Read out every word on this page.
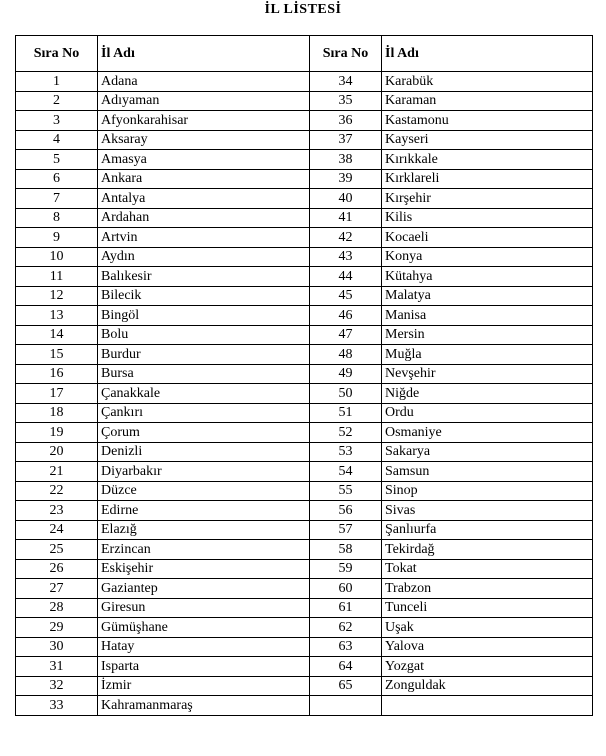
İL LİSTESİ
Sıra No	İl Adı	Sıra No	İl Adı
1	Adana	34	Karabük
2	Adıyaman	35	Karaman
3	Afyonkarahisar	36	Kastamonu
4	Aksaray	37	Kayseri
5	Amasya	38	Kırıkkale
6	Ankara	39	Kırklareli
7	Antalya	40	Kırşehir
8	Ardahan	41	Kilis
9	Artvin	42	Kocaeli
10	Aydın	43	Konya
11	Balıkesir	44	Kütahya
12	Bilecik	45	Malatya
13	Bingöl	46	Manisa
14	Bolu	47	Mersin
15	Burdur	48	Muğla
16	Bursa	49	Nevşehir
17	Çanakkale	50	Niğde
18	Çankırı	51	Ordu
19	Çorum	52	Osmaniye
20	Denizli	53	Sakarya
21	Diyarbakır	54	Samsun
22	Düzce	55	Sinop
23	Edirne	56	Sivas
24	Elazığ	57	Şanlıurfa
25	Erzincan	58	Tekirdağ
26	Eskişehir	59	Tokat
27	Gaziantep	60	Trabzon
28	Giresun	61	Tunceli
29	Gümüşhane	62	Uşak
30	Hatay	63	Yalova
31	Isparta	64	Yozgat
32	İzmir	65	Zonguldak
33	Kahramanmaraş		
